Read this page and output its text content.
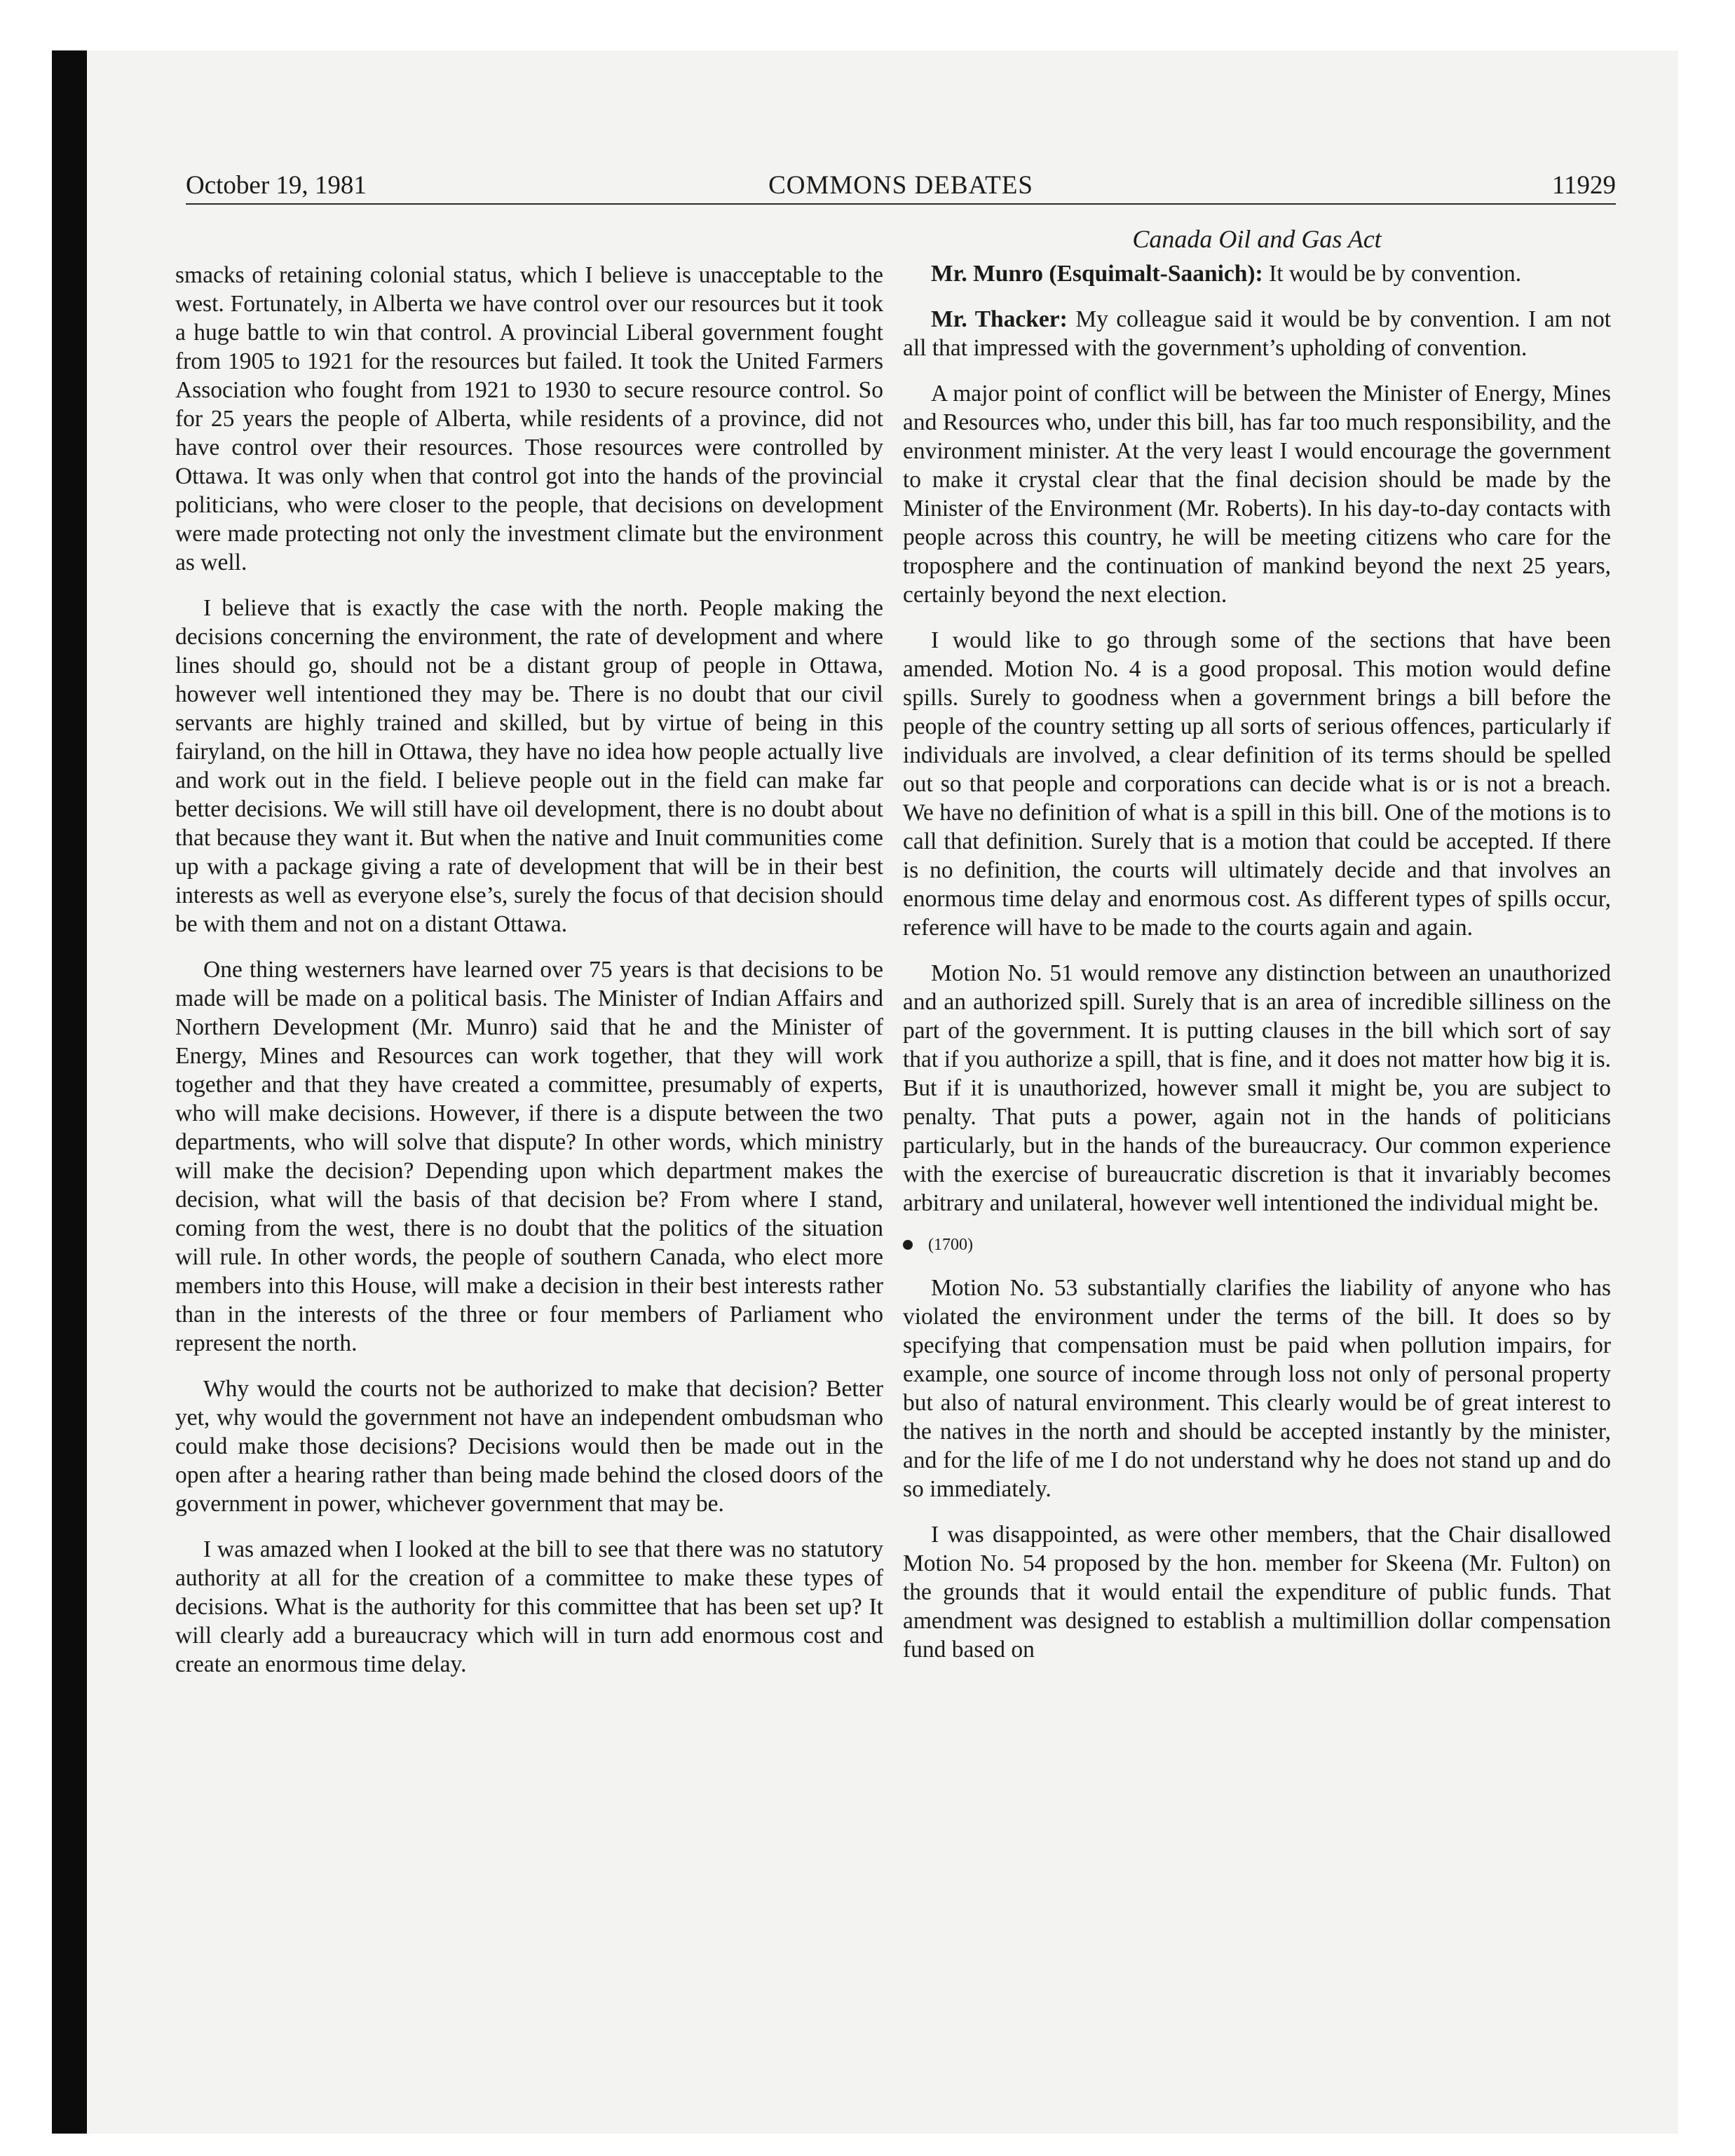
October 19, 1981	COMMONS DEBATES	11929

smacks of retaining colonial status, which I believe is unacceptable to the west. Fortunately, in Alberta we have control over our resources but it took a huge battle to win that control. A provincial Liberal government fought from 1905 to 1921 for the resources but failed. It took the United Farmers Association who fought from 1921 to 1930 to secure resource control. So for 25 years the people of Alberta, while residents of a province, did not have control over their resources. Those resources were controlled by Ottawa. It was only when that control got into the hands of the provincial politicians, who were closer to the people, that decisions on development were made protecting not only the investment climate but the environment as well.

I believe that is exactly the case with the north. People making the decisions concerning the environment, the rate of development and where lines should go, should not be a distant group of people in Ottawa, however well intentioned they may be. There is no doubt that our civil servants are highly trained and skilled, but by virtue of being in this fairyland, on the hill in Ottawa, they have no idea how people actually live and work out in the field. I believe people out in the field can make far better decisions. We will still have oil development, there is no doubt about that because they want it. But when the native and Inuit communities come up with a package giving a rate of development that will be in their best interests as well as everyone else’s, surely the focus of that decision should be with them and not on a distant Ottawa.

One thing westerners have learned over 75 years is that decisions to be made will be made on a political basis. The Minister of Indian Affairs and Northern Development (Mr. Munro) said that he and the Minister of Energy, Mines and Resources can work together, that they will work together and that they have created a committee, presumably of experts, who will make decisions. However, if there is a dispute between the two departments, who will solve that dispute? In other words, which ministry will make the decision? Depending upon which department makes the decision, what will the basis of that decision be? From where I stand, coming from the west, there is no doubt that the politics of the situation will rule. In other words, the people of southern Canada, who elect more members into this House, will make a decision in their best interests rather than in the interests of the three or four members of Parliament who represent the north.

Why would the courts not be authorized to make that decision? Better yet, why would the government not have an independent ombudsman who could make those decisions? Decisions would then be made out in the open after a hearing rather than being made behind the closed doors of the government in power, whichever government that may be.

I was amazed when I looked at the bill to see that there was no statutory authority at all for the creation of a committee to make these types of decisions. What is the authority for this committee that has been set up? It will clearly add a bureaucracy which will in turn add enormous cost and create an enormous time delay.

Canada Oil and Gas Act

Mr. Munro (Esquimalt-Saanich): It would be by convention.

Mr. Thacker: My colleague said it would be by convention. I am not all that impressed with the government’s upholding of convention.

A major point of conflict will be between the Minister of Energy, Mines and Resources who, under this bill, has far too much responsibility, and the environment minister. At the very least I would encourage the government to make it crystal clear that the final decision should be made by the Minister of the Environment (Mr. Roberts). In his day-to-day contacts with people across this country, he will be meeting citizens who care for the troposphere and the continuation of mankind beyond the next 25 years, certainly beyond the next election.

I would like to go through some of the sections that have been amended. Motion No. 4 is a good proposal. This motion would define spills. Surely to goodness when a government brings a bill before the people of the country setting up all sorts of serious offences, particularly if individuals are involved, a clear definition of its terms should be spelled out so that people and corporations can decide what is or is not a breach. We have no definition of what is a spill in this bill. One of the motions is to call that definition. Surely that is a motion that could be accepted. If there is no definition, the courts will ultimately decide and that involves an enormous time delay and enormous cost. As different types of spills occur, reference will have to be made to the courts again and again.

Motion No. 51 would remove any distinction between an unauthorized and an authorized spill. Surely that is an area of incredible silliness on the part of the government. It is putting clauses in the bill which sort of say that if you authorize a spill, that is fine, and it does not matter how big it is. But if it is unauthorized, however small it might be, you are subject to penalty. That puts a power, again not in the hands of politicians particularly, but in the hands of the bureaucracy. Our common experience with the exercise of bureaucratic discretion is that it invariably becomes arbitrary and unilateral, however well intentioned the individual might be.

(1700)

Motion No. 53 substantially clarifies the liability of anyone who has violated the environment under the terms of the bill. It does so by specifying that compensation must be paid when pollution impairs, for example, one source of income through loss not only of personal property but also of natural environment. This clearly would be of great interest to the natives in the north and should be accepted instantly by the minister, and for the life of me I do not understand why he does not stand up and do so immediately.

I was disappointed, as were other members, that the Chair disallowed Motion No. 54 proposed by the hon. member for Skeena (Mr. Fulton) on the grounds that it would entail the expenditure of public funds. That amendment was designed to establish a multimillion dollar compensation fund based on
